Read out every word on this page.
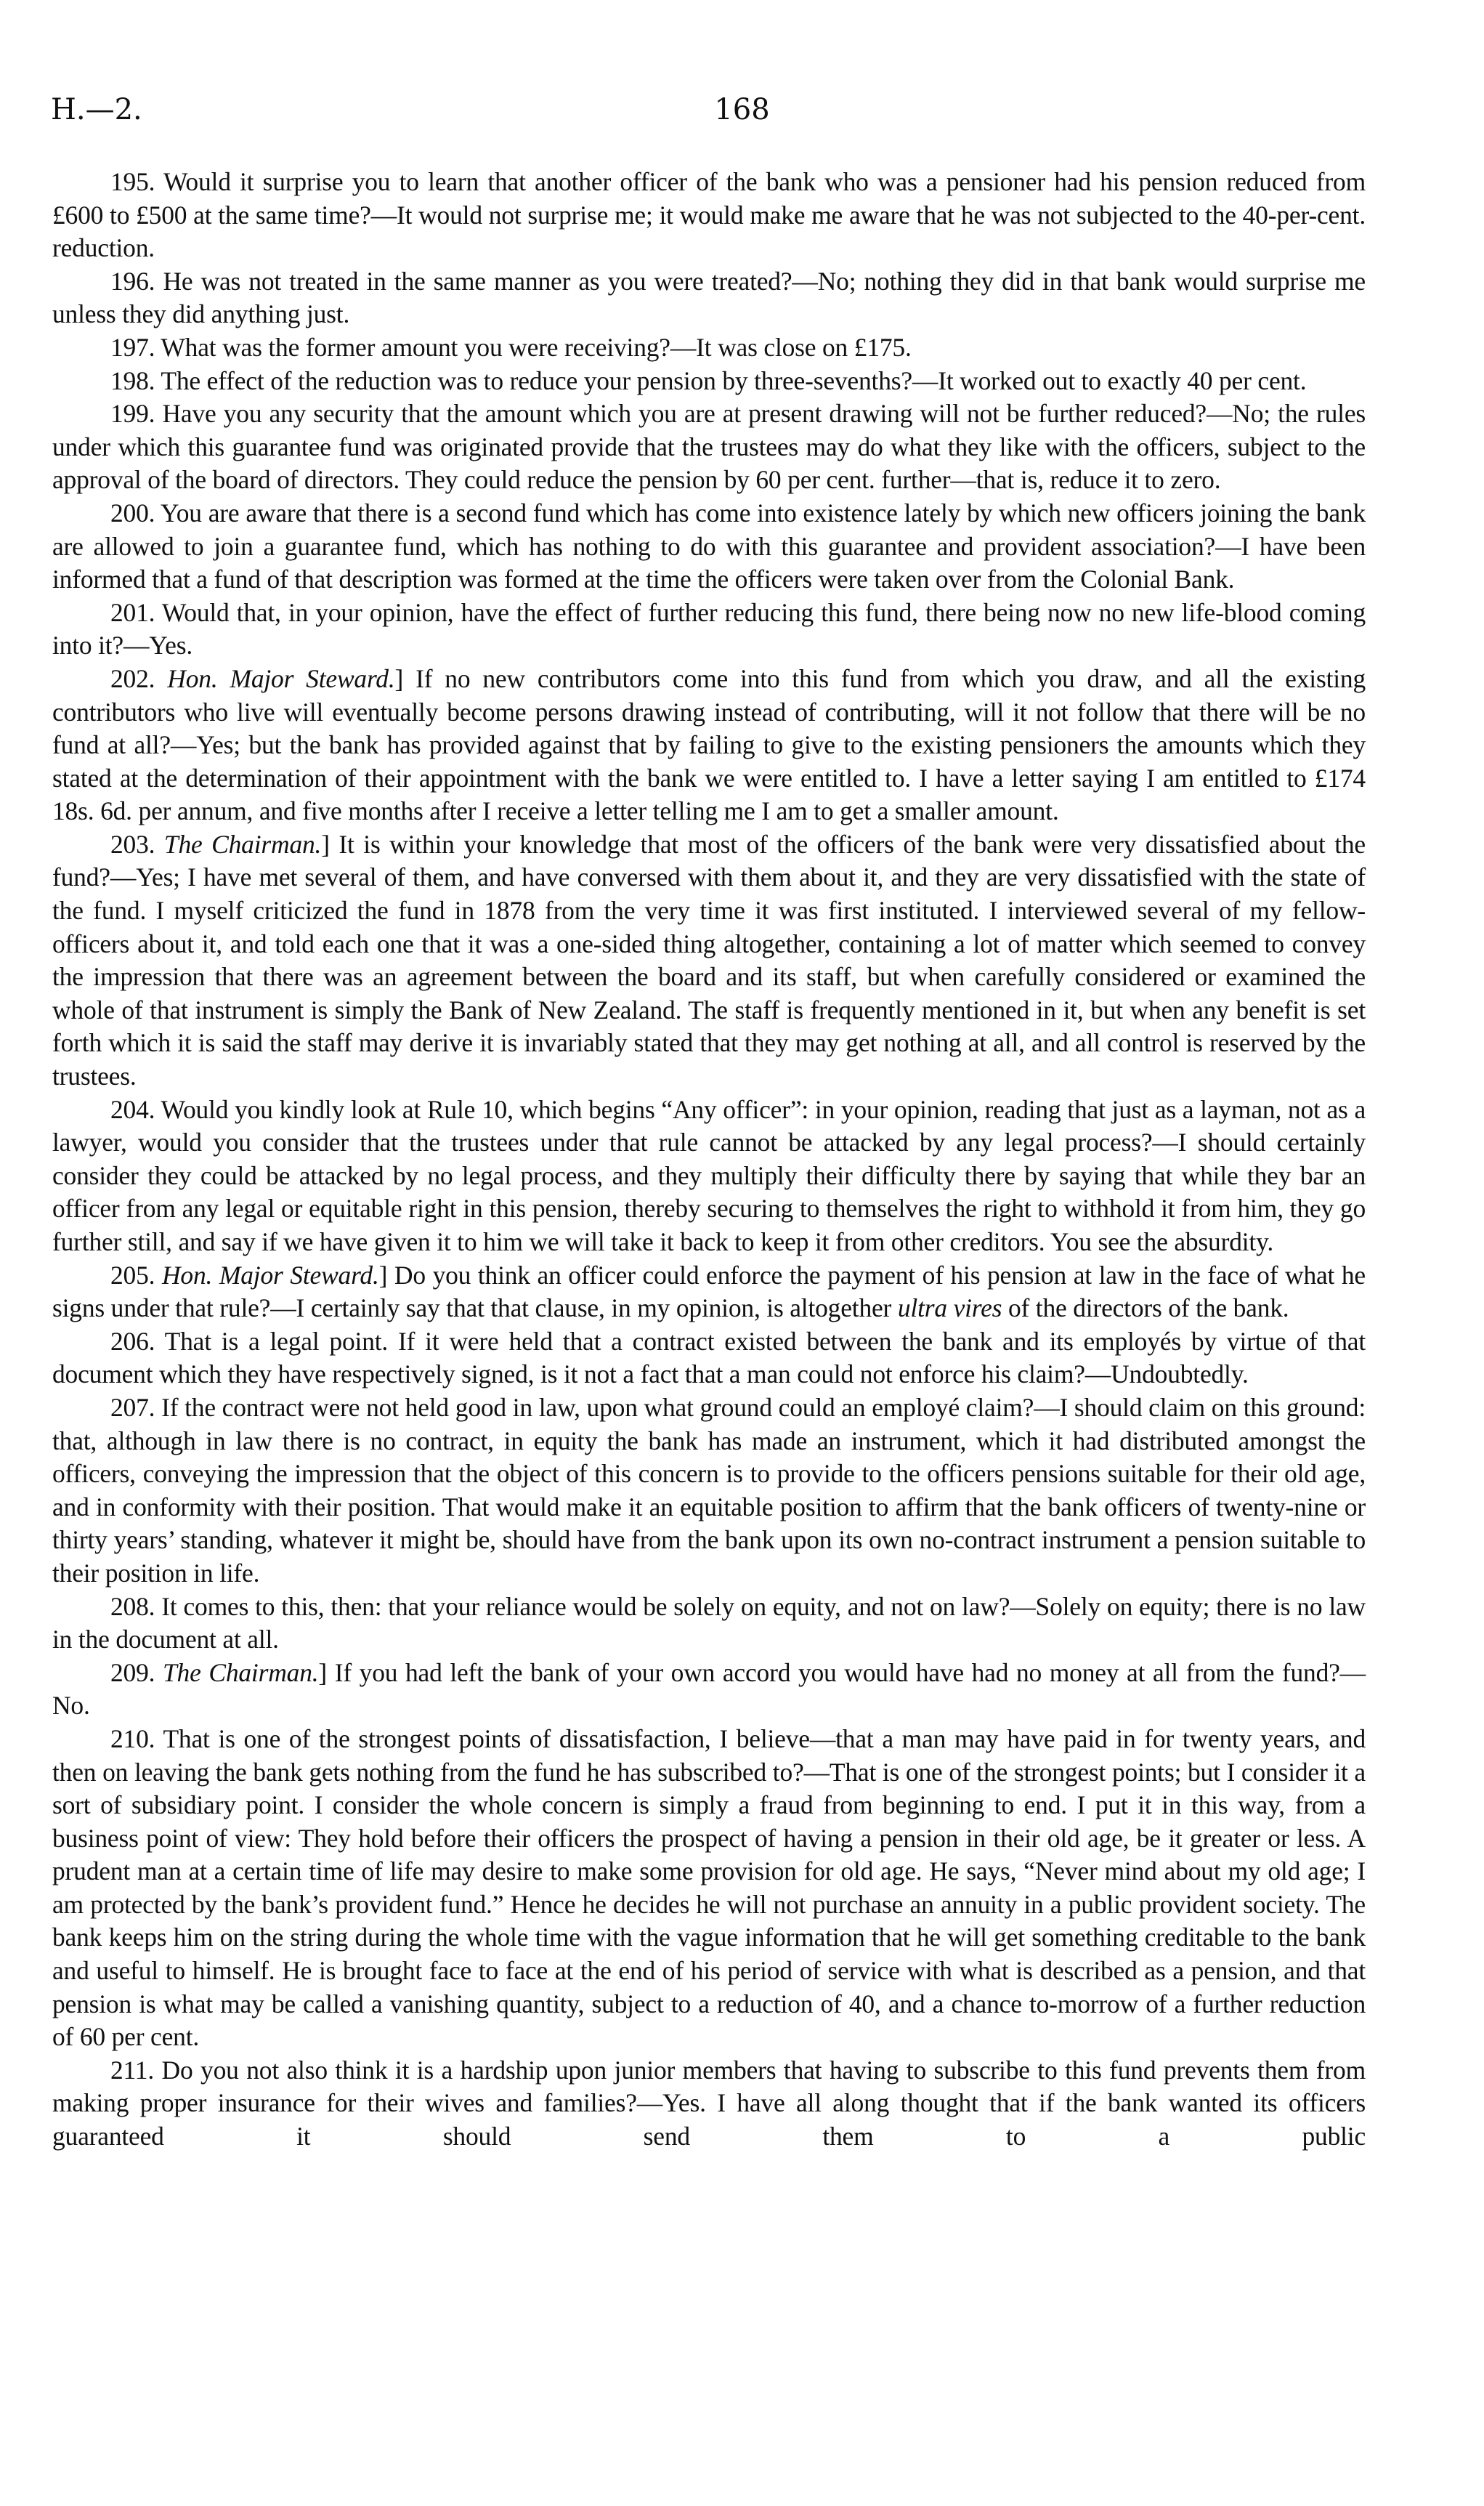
H.—2.	168

195. Would it surprise you to learn that another officer of the bank who was a pensioner had his pension reduced from £600 to £500 at the same time?—It would not surprise me; it would make me aware that he was not subjected to the 40-per-cent. reduction.

196. He was not treated in the same manner as you were treated?—No; nothing they did in that bank would surprise me unless they did anything just.

197. What was the former amount you were receiving?—It was close on £175.

198. The effect of the reduction was to reduce your pension by three-sevenths?—It worked out to exactly 40 per cent.

199. Have you any security that the amount which you are at present drawing will not be further reduced?—No; the rules under which this guarantee fund was originated provide that the trustees may do what they like with the officers, subject to the approval of the board of directors. They could reduce the pension by 60 per cent. further—that is, reduce it to zero.

200. You are aware that there is a second fund which has come into existence lately by which new officers joining the bank are allowed to join a guarantee fund, which has nothing to do with this guarantee and provident association?—I have been informed that a fund of that description was formed at the time the officers were taken over from the Colonial Bank.

201. Would that, in your opinion, have the effect of further reducing this fund, there being now no new life-blood coming into it?—Yes.

202. Hon. Major Steward.] If no new contributors come into this fund from which you draw, and all the existing contributors who live will eventually become persons drawing instead of contributing, will it not follow that there will be no fund at all?—Yes; but the bank has provided against that by failing to give to the existing pensioners the amounts which they stated at the determination of their appointment with the bank we were entitled to. I have a letter saying I am entitled to £174 18s. 6d. per annum, and five months after I receive a letter telling me I am to get a smaller amount.

203. The Chairman.] It is within your knowledge that most of the officers of the bank were very dissatisfied about the fund?—Yes; I have met several of them, and have conversed with them about it, and they are very dissatisfied with the state of the fund. I myself criticized the fund in 1878 from the very time it was first instituted. I interviewed several of my fellow-officers about it, and told each one that it was a one-sided thing altogether, containing a lot of matter which seemed to convey the impression that there was an agreement between the board and its staff, but when carefully considered or examined the whole of that instrument is simply the Bank of New Zealand. The staff is frequently mentioned in it, but when any benefit is set forth which it is said the staff may derive it is invariably stated that they may get nothing at all, and all control is reserved by the trustees.

204. Would you kindly look at Rule 10, which begins “Any officer”: in your opinion, reading that just as a layman, not as a lawyer, would you consider that the trustees under that rule cannot be attacked by any legal process?—I should certainly consider they could be attacked by no legal process, and they multiply their difficulty there by saying that while they bar an officer from any legal or equitable right in this pension, thereby securing to themselves the right to withhold it from him, they go further still, and say if we have given it to him we will take it back to keep it from other creditors. You see the absurdity.

205. Hon. Major Steward.] Do you think an officer could enforce the payment of his pension at law in the face of what he signs under that rule?—I certainly say that that clause, in my opinion, is altogether ultra vires of the directors of the bank.

206. That is a legal point. If it were held that a contract existed between the bank and its employés by virtue of that document which they have respectively signed, is it not a fact that a man could not enforce his claim?—Undoubtedly.

207. If the contract were not held good in law, upon what ground could an employé claim?—I should claim on this ground: that, although in law there is no contract, in equity the bank has made an instrument, which it had distributed amongst the officers, conveying the impression that the object of this concern is to provide to the officers pensions suitable for their old age, and in conformity with their position. That would make it an equitable position to affirm that the bank officers of twenty-nine or thirty years’ standing, whatever it might be, should have from the bank upon its own no-contract instrument a pension suitable to their position in life.

208. It comes to this, then: that your reliance would be solely on equity, and not on law?—Solely on equity; there is no law in the document at all.

209. The Chairman.] If you had left the bank of your own accord you would have had no money at all from the fund?—No.

210. That is one of the strongest points of dissatisfaction, I believe—that a man may have paid in for twenty years, and then on leaving the bank gets nothing from the fund he has subscribed to?—That is one of the strongest points; but I consider it a sort of subsidiary point. I consider the whole concern is simply a fraud from beginning to end. I put it in this way, from a business point of view: They hold before their officers the prospect of having a pension in their old age, be it greater or less. A prudent man at a certain time of life may desire to make some provision for old age. He says, “Never mind about my old age; I am protected by the bank’s provident fund.” Hence he decides he will not purchase an annuity in a public provident society. The bank keeps him on the string during the whole time with the vague information that he will get something creditable to the bank and useful to himself. He is brought face to face at the end of his period of service with what is described as a pension, and that pension is what may be called a vanishing quantity, subject to a reduction of 40, and a chance to-morrow of a further reduction of 60 per cent.

211. Do you not also think it is a hardship upon junior members that having to subscribe to this fund prevents them from making proper insurance for their wives and families?—Yes. I have all along thought that if the bank wanted its officers guaranteed it should send them to a public
